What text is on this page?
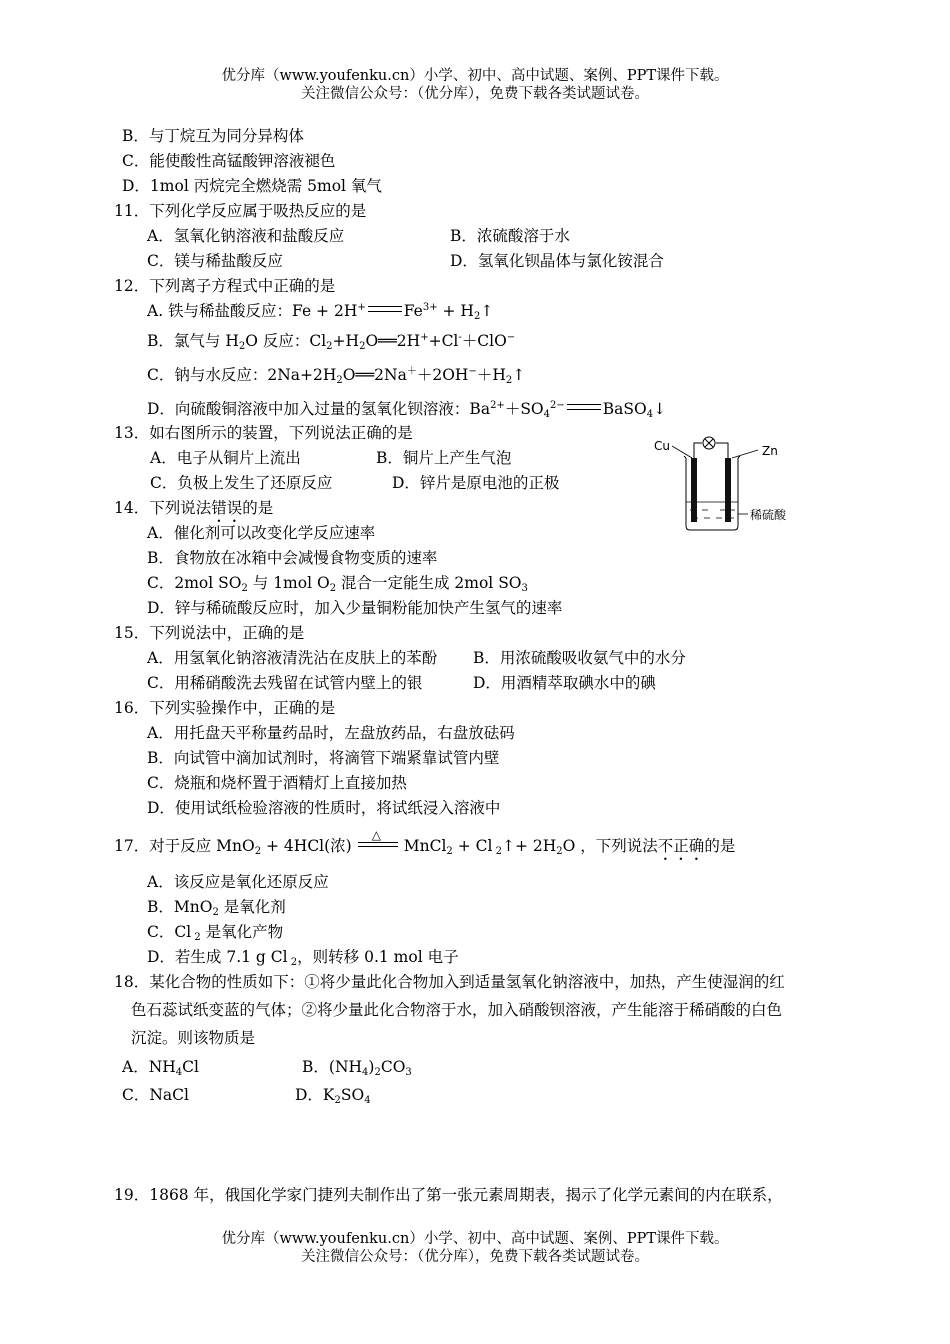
优分库（www.youfenku.cn）小学、初中、高中试题、案例、PPT课件下载。
关注微信公众号：（优分库），免费下载各类试题试卷。
B．与丁烷互为同分异构体
C．能使酸性高锰酸钾溶液褪色
D．1mol 丙烷完全燃烧需 5mol 氧气
11．下列化学反应属于吸热反应的是
A．氢氧化钠溶液和盐酸反应	B．浓硫酸溶于水
C．镁与稀盐酸反应	D．氢氧化钡晶体与氯化铵混合
12．下列离子方程式中正确的是
A. 铁与稀盐酸反应：Fe + 2H+ $Fe^{3+}$ + $H_2↑$
B．氯气与 $H_2O$ 反应：$Cl_2+H_2O══2H^++Cl^-+ClO^-$
C．钠与水反应：$2Na+2H_2O══2Na^++2OH^-+H_2↑$
D．向硫酸铜溶液中加入过量的氢氧化钡溶液：$Ba^{2+}+SO_4^{2-}$ BaSO$_4$↓
13．如右图所示的装置，下列说法正确的是
A．电子从铜片上流出	B．铜片上产生气泡
C．负极上发生了还原反应	D．锌片是原电池的正极
Cu	Zn
稀硫酸
14．下列说法错误的是
A．催化剂可以改变化学反应速率
B．食物放在冰箱中会减慢食物变质的速率
C．2mol $SO_2$ 与 1mol $O_2$ 混合一定能生成 2mol $SO_3$
D．锌与稀硫酸反应时，加入少量铜粉能加快产生氢气的速率
15．下列说法中，正确的是
A．用氢氧化钠溶液清洗沾在皮肤上的苯酚 B．用浓硫酸吸收氨气中的水分
C．用稀硝酸洗去残留在试管内壁上的银	D．用酒精萃取碘水中的碘
16．下列实验操作中，正确的是
A．用托盘天平称量药品时，左盘放药品，右盘放砝码
B．向试管中滴加试剂时，将滴管下端紧靠试管内壁
C．烧瓶和烧杯置于酒精灯上直接加热
D．使用试纸检验溶液的性质时，将试纸浸入溶液中
17．对于反应 MnO$_2$ + 4HCl(浓)
△
MnCl$_2$ + Cl $_2$↑+ $2H_2O$ ，下列说法不正确的是
A．该反应是氧化还原反应
B．MnO$_2$ 是氧化剂
C．Cl $_2$ 是氧化产物
D．若生成 7.1 g Cl $_2$，则转移 0.1 mol 电子
18．某化合物的性质如下：①将少量此化合物加入到适量氢氧化钠溶液中，加热，产生使湿润的红
色石蕊试纸变蓝的气体；②将少量此化合物溶于水，加入硝酸钡溶液，产生能溶于稀硝酸的白色
沉淀。则该物质是
A．$NH_4Cl$	B．$(NH_4)_2CO_3$
C．NaCl	D．$K_2SO_4$
19．1868 年，俄国化学家门捷列夫制作出了第一张元素周期表，揭示了化学元素间的内在联系，
优分库（www.youfenku.cn）小学、初中、高中试题、案例、PPT课件下载。
关注微信公众号：（优分库），免费下载各类试题试卷。
